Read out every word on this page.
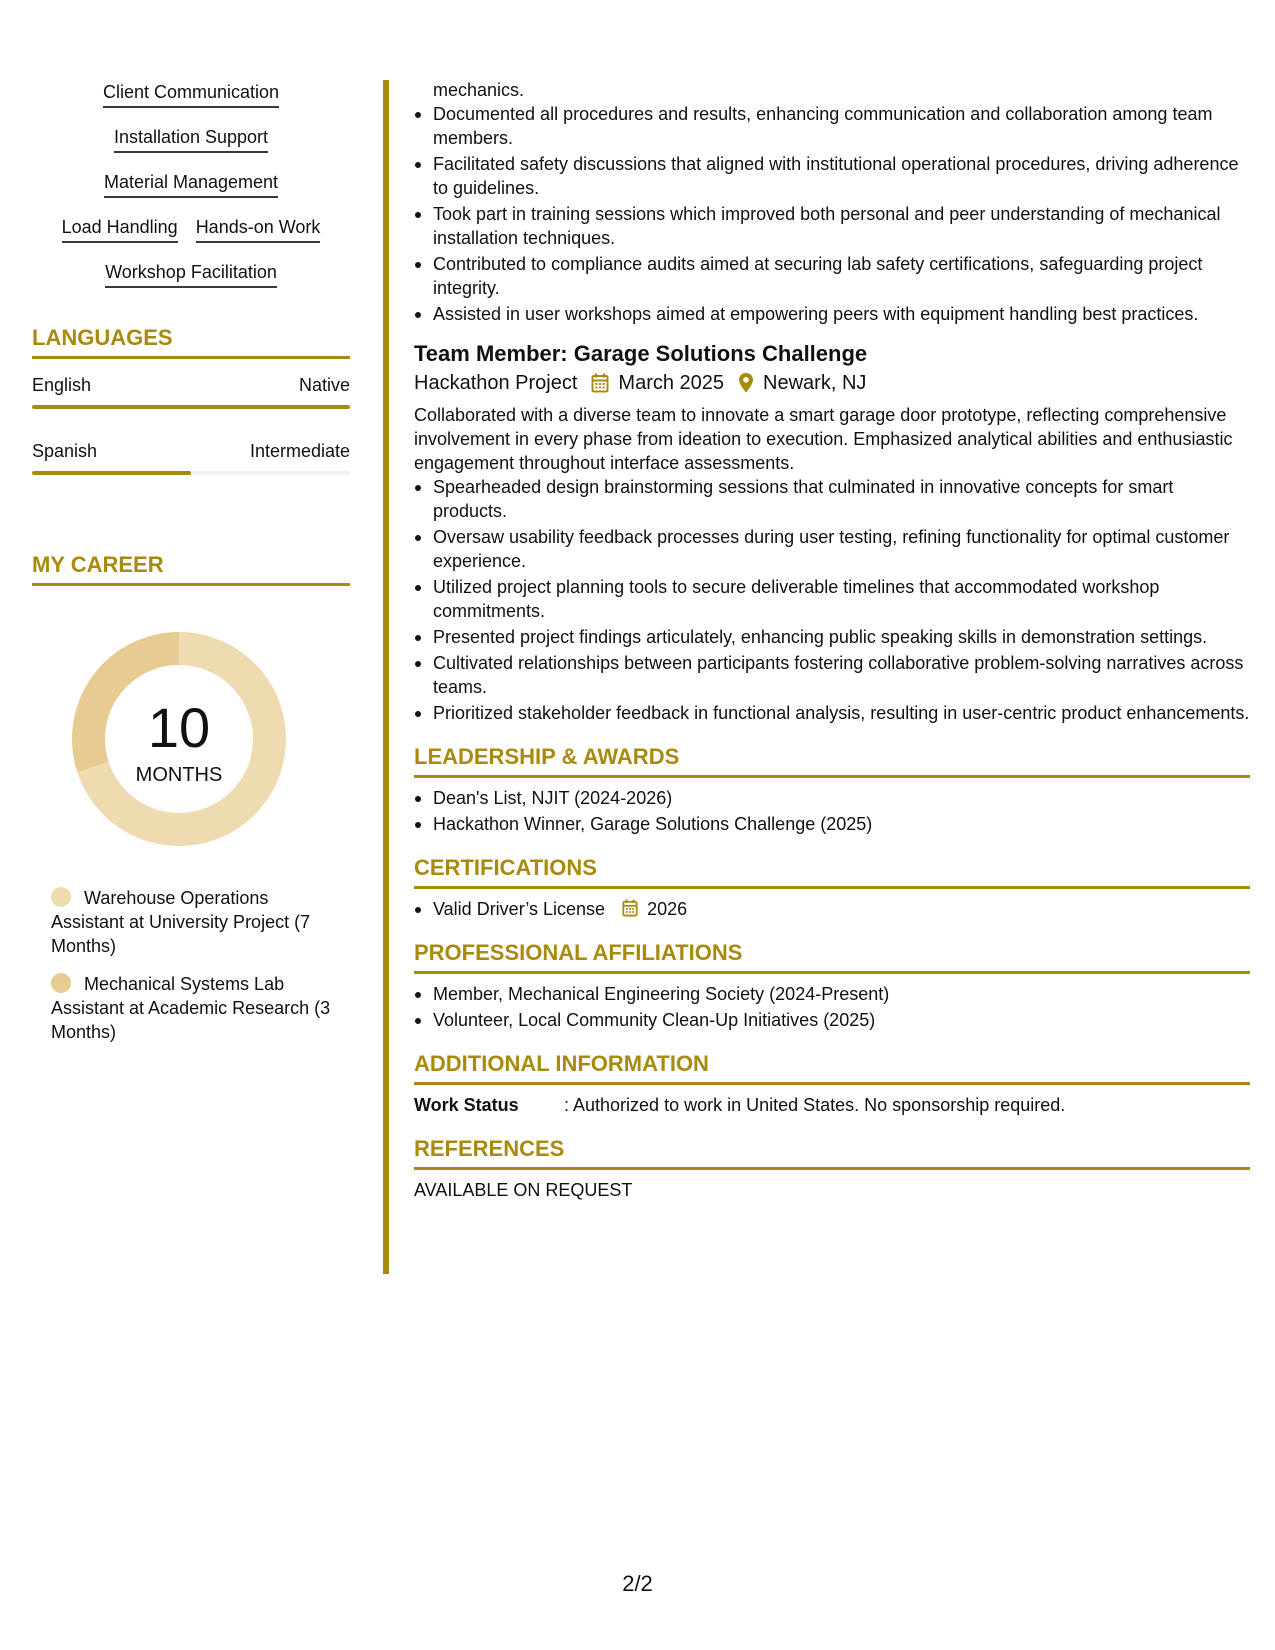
Client Communication
Installation Support
Material Management
Load Handling Hands-on Work
Workshop Facilitation
LANGUAGES
English	Native
Spanish	Intermediate
MY CAREER
10
MONTHS
Warehouse Operations Assistant at University Project (7 Months)
Mechanical Systems Lab Assistant at Academic Research (3 Months)
mechanics.
Documented all procedures and results, enhancing communication and collaboration among team members.
Facilitated safety discussions that aligned with institutional operational procedures, driving adherence to guidelines.
Took part in training sessions which improved both personal and peer understanding of mechanical installation techniques.
Contributed to compliance audits aimed at securing lab safety certifications, safeguarding project integrity.
Assisted in user workshops aimed at empowering peers with equipment handling best practices.
Team Member: Garage Solutions Challenge
Hackathon Project March 2025 Newark, NJ
Collaborated with a diverse team to innovate a smart garage door prototype, reflecting comprehensive involvement in every phase from ideation to execution. Emphasized analytical abilities and enthusiastic engagement throughout interface assessments.
Spearheaded design brainstorming sessions that culminated in innovative concepts for smart products.
Oversaw usability feedback processes during user testing, refining functionality for optimal customer experience.
Utilized project planning tools to secure deliverable timelines that accommodated workshop commitments.
Presented project findings articulately, enhancing public speaking skills in demonstration settings.
Cultivated relationships between participants fostering collaborative problem-solving narratives across teams.
Prioritized stakeholder feedback in functional analysis, resulting in user-centric product enhancements.
LEADERSHIP & AWARDS
Dean's List, NJIT (2024-2026)
Hackathon Winner, Garage Solutions Challenge (2025)
CERTIFICATIONS
Valid Driver’s License 2026
PROFESSIONAL AFFILIATIONS
Member, Mechanical Engineering Society (2024-Present)
Volunteer, Local Community Clean-Up Initiatives (2025)
ADDITIONAL INFORMATION
Work Status	: Authorized to work in United States. No sponsorship required.
REFERENCES
AVAILABLE ON REQUEST
2/2
